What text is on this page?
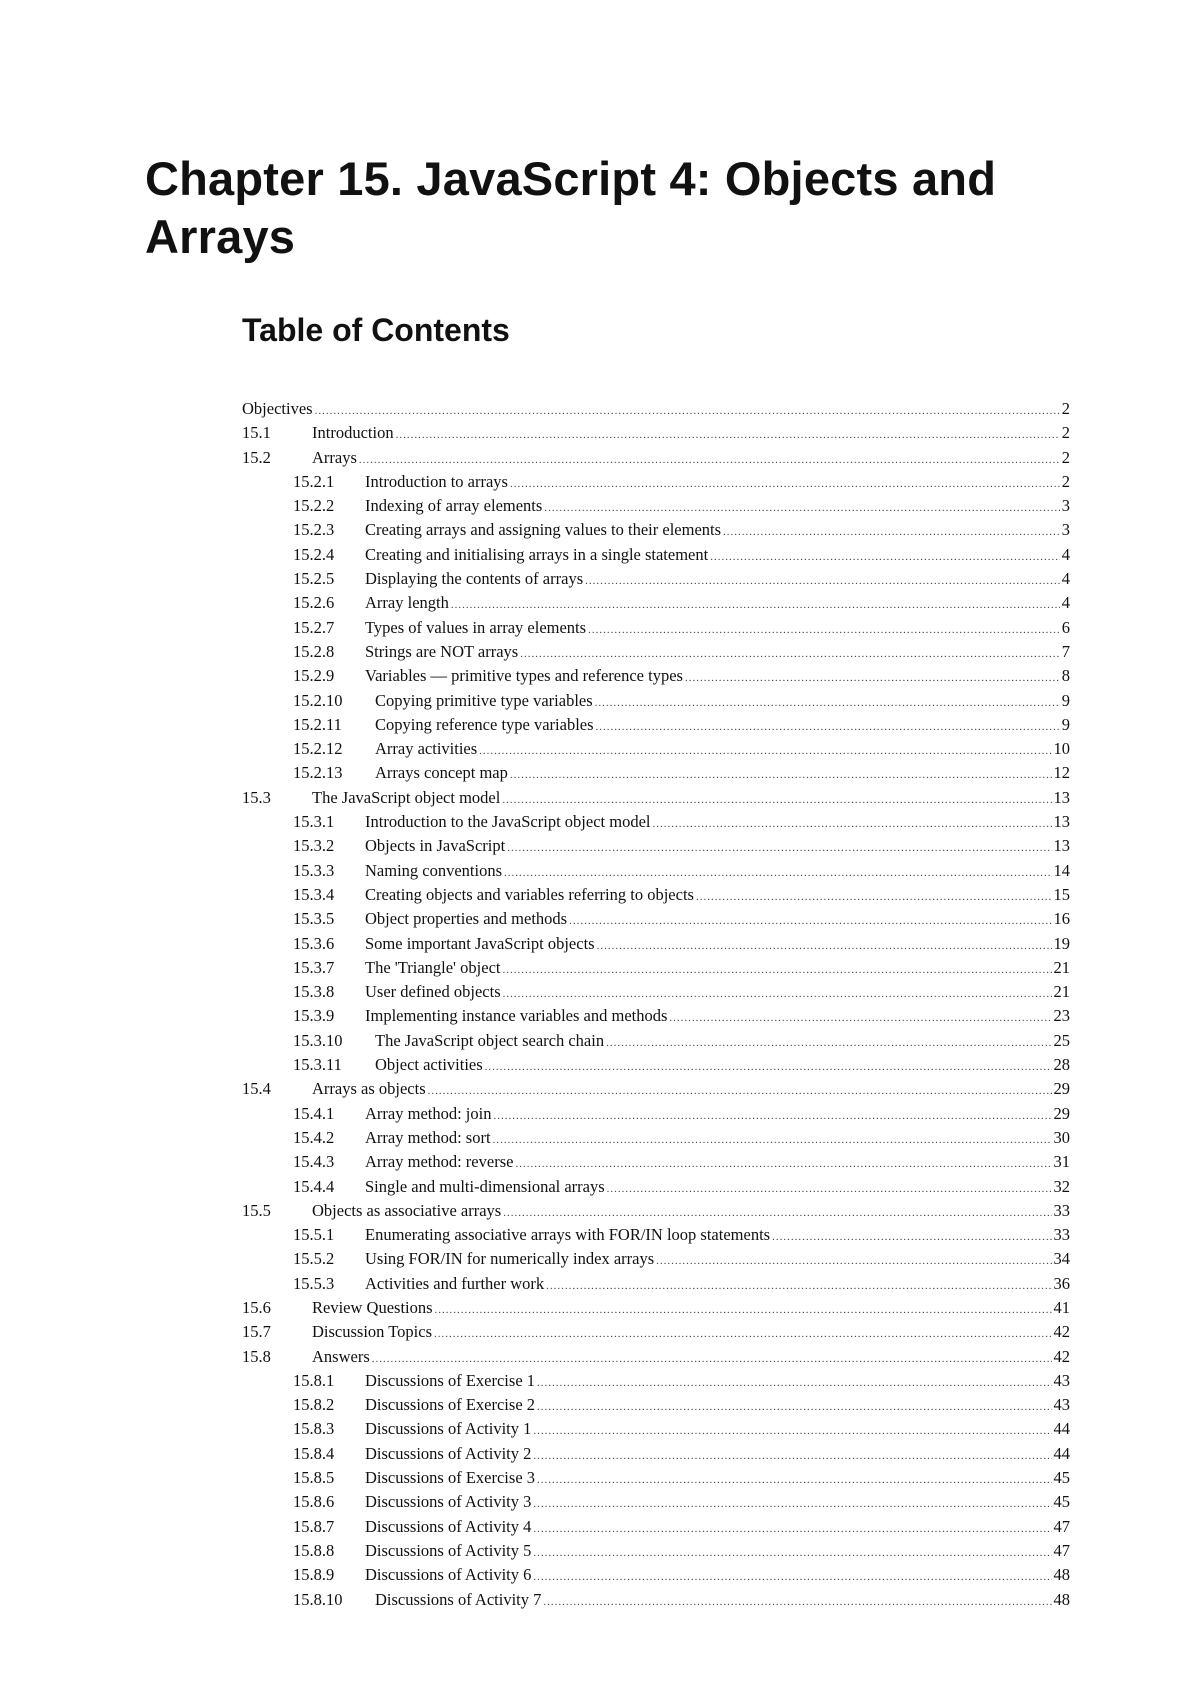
Chapter 15. JavaScript 4: Objects and Arrays
Table of Contents
Objectives .....	2
15.1	Introduction .....	2
15.2	Arrays .....	2
15.2.1	Introduction to arrays .....	2
15.2.2	Indexing of array elements .....	3
15.2.3	Creating arrays and assigning values to their elements .....	3
15.2.4	Creating and initialising arrays in a single statement .....	4
15.2.5	Displaying the contents of arrays .....	4
15.2.6	Array length .....	4
15.2.7	Types of values in array elements .....	6
15.2.8	Strings are NOT arrays .....	7
15.2.9	Variables — primitive types and reference types .....	8
15.2.10	Copying primitive type variables .....	9
15.2.11	Copying reference type variables .....	9
15.2.12	Array activities .....	10
15.2.13	Arrays concept map .....	12
15.3	The JavaScript object model .....	13
15.3.1	Introduction to the JavaScript object model .....	13
15.3.2	Objects in JavaScript .....	13
15.3.3	Naming conventions .....	14
15.3.4	Creating objects and variables referring to objects .....	15
15.3.5	Object properties and methods .....	16
15.3.6	Some important JavaScript objects .....	19
15.3.7	The 'Triangle' object .....	21
15.3.8	User defined objects .....	21
15.3.9	Implementing instance variables and methods .....	23
15.3.10	The JavaScript object search chain .....	25
15.3.11	Object activities .....	28
15.4	Arrays as objects .....	29
15.4.1	Array method: join .....	29
15.4.2	Array method: sort .....	30
15.4.3	Array method: reverse .....	31
15.4.4	Single and multi-dimensional arrays .....	32
15.5	Objects as associative arrays .....	33
15.5.1	Enumerating associative arrays with FOR/IN loop statements .....	33
15.5.2	Using FOR/IN for numerically index arrays .....	34
15.5.3	Activities and further work .....	36
15.6	Review Questions .....	41
15.7	Discussion Topics .....	42
15.8	Answers .....	42
15.8.1	Discussions of Exercise 1 .....	43
15.8.2	Discussions of Exercise 2 .....	43
15.8.3	Discussions of Activity 1 .....	44
15.8.4	Discussions of Activity 2 .....	44
15.8.5	Discussions of Exercise 3 .....	45
15.8.6	Discussions of Activity 3 .....	45
15.8.7	Discussions of Activity 4 .....	47
15.8.8	Discussions of Activity 5 .....	47
15.8.9	Discussions of Activity 6 .....	48
15.8.10	Discussions of Activity 7 .....	48
